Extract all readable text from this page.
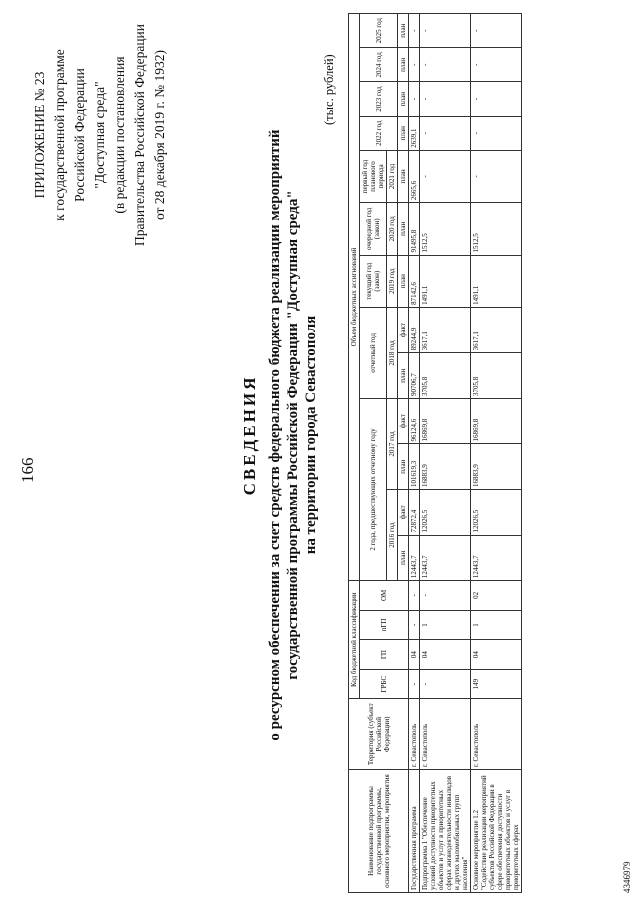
166
ПРИЛОЖЕНИЕ № 23 к государственной программе Российской Федерации "Доступная среда" (в редакции постановления Правительства Российской Федерации от 28 декабря 2019 г. № 1932)
СВЕДЕНИЯ о ресурсном обеспечении за счет средств федерального бюджета реализации мероприятий государственной программы Российской Федерации "Доступная среда" на территории города Севастополя
(тыс. рублей)
Наименование подпрограммы государственной программы, основного мероприятия, мероприятия	Территория (субъект Российской Федерации)	Код бюджетной классификации				Объем бюджетных ассигнований												
		ГРБС	ГП	пГП	ОМ	2 года, предшествующих отчетному году				отчетный год		текущий год (закон)	очередной год (закон)	первый год планового периода	2022 год	2023 год	2024 год	2025 год
						2016 год		2017 год		2018 год		2019 год	2020 год	2021 год				
						план	факт	план	факт	план	факт	план	план	план	план	план	план	план
Государственная программа	г. Севастополь	-	04	-	-	12443,7	72872,4	101619,3	96124,6	90706,7	89244,9	87142,6	91495,8	2665,6	2639,1	-	-	-
Подпрограмма 1 "Обеспечение условий доступности приоритетных объектов и услуг в приоритетных сферах жизнедеятельности инвалидов и других маломобильных групп населения"	г. Севастополь	-	04	1	-	12443,7	12026,5	16883,9	16869,8	3705,8	3617,1	1491,1	1512,5	-	-	-	-	-
Основное мероприятие 1.2 "Содействие реализации мероприятий субъектов Российской Федерации в сфере обеспечения доступности приоритетных объектов и услуг в приоритетных сферах	г. Севастополь	149	04	1	02	12443,7	12026,5	16883,9	16869,8	3705,8	3617,1	1491,1	1512,5	-	-	-	-	-
4346979
